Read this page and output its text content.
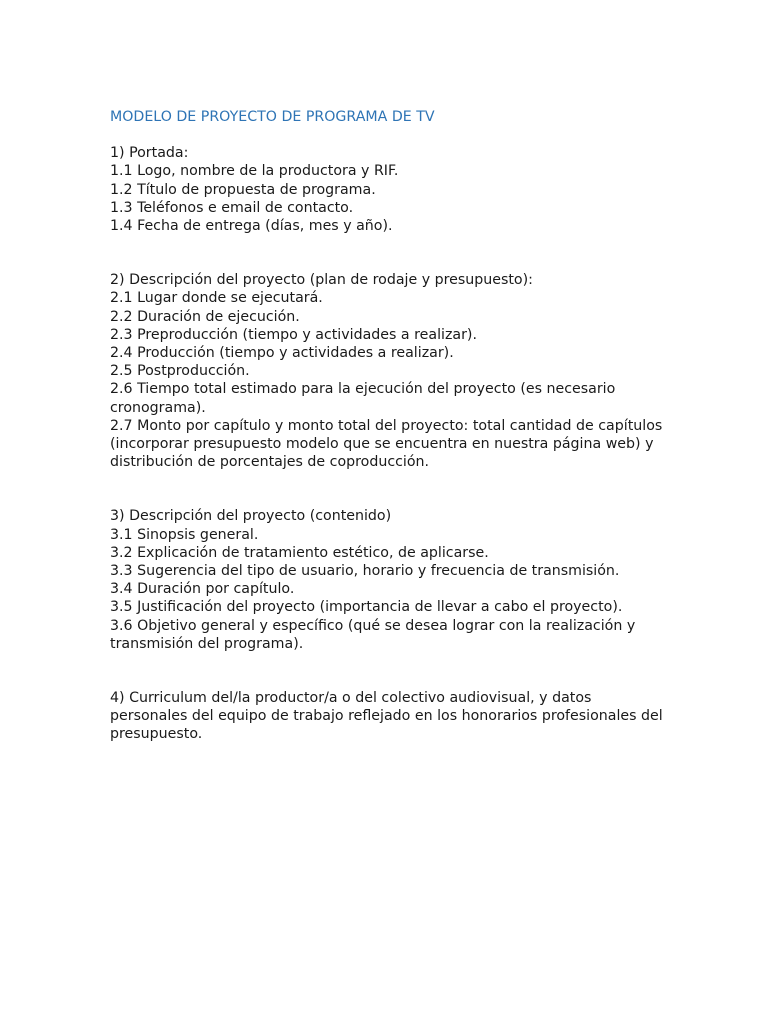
MODELO DE PROYECTO DE PROGRAMA DE TV
1) Portada:
1.1 Logo, nombre de la productora y RIF.
1.2 Título de propuesta de programa.
1.3 Teléfonos e email de contacto.
1.4 Fecha de entrega (días, mes y año).
2) Descripción del proyecto (plan de rodaje y presupuesto):
2.1 Lugar donde se ejecutará.
2.2 Duración de ejecución.
2.3 Preproducción (tiempo y actividades a realizar).
2.4 Producción (tiempo y actividades a realizar).
2.5 Postproducción.
2.6 Tiempo total estimado para la ejecución del proyecto (es necesario cronograma).
2.7 Monto por capítulo y monto total del proyecto: total cantidad de capítulos (incorporar presupuesto modelo que se encuentra en nuestra página web) y distribución de porcentajes de coproducción.
3) Descripción del proyecto (contenido)
3.1 Sinopsis general.
3.2 Explicación de tratamiento estético, de aplicarse.
3.3 Sugerencia del tipo de usuario, horario y frecuencia de transmisión.
3.4 Duración por capítulo.
3.5 Justificación del proyecto (importancia de llevar a cabo el proyecto).
3.6 Objetivo general y específico (qué se desea lograr con la realización y transmisión del programa).
4) Curriculum del/la productor/a o del colectivo audiovisual, y datos personales del equipo de trabajo reflejado en los honorarios profesionales del presupuesto.
